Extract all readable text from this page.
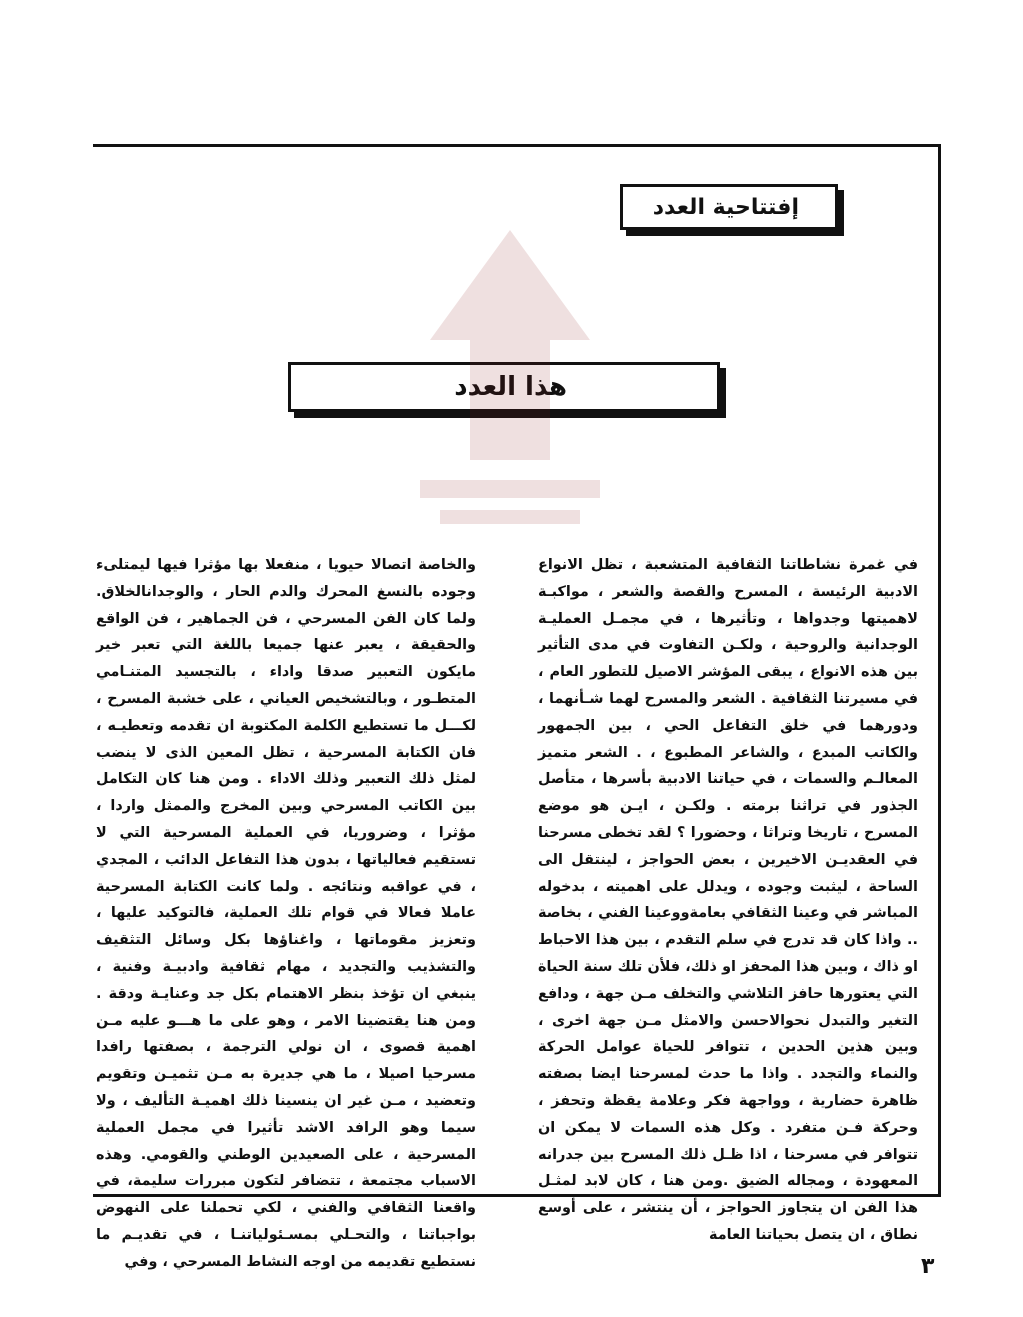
إفتتاحية العدد
هذا العدد
في غمرة نشاطاتنا الثقافية المتشعبة ، تظل الانواع الادبية الرئيسة ، المسرح والقصة والشعر ، مواكبـة لاهميتها وجدواها ، وتأثيرها ، في مجمـل العمليـة الوجدانية والروحية ، ولكـن التفاوت في مدى التأثير بين هذه الانواع ، يبقى المؤشر الاصيل للتطور العام ، في مسيرتنا الثقافية . الشعر والمسرح لهما شـأنهما ، ودورهما في خلق التفاعل الحي ، بين الجمهور والكاتب المبدع ، والشاعر المطبوع ، . الشعر متميز المعالـم والسمات ، في حياتنا الادبية بأسرها ، متأصل الجذور في تراثنا برمته . ولكـن ، ايـن هو موضع المسرح ، تاريخا وتراثا ، وحضورا ؟ لقد تخطى مسرحنا في العقديـن الاخيرين ، بعض الحواجز ، لينتقل الى الساحة ، ليثبت وجوده ، ويدلل على اهميته ، بدخوله المباشر في وعينا الثقافي بعامةووعينا الفني ، بخاصة .. واذا كان قد تدرج في سلم التقدم ، بين هذا الاحباط او ذاك ، وبين هذا المحفز او ذلك، فلأن تلك سنة الحياة التي يعتورها حافز التلاشي والتخلف مـن جهة ، ودافع التغير والتبدل نحوالاحسن والامثل مـن جهة اخرى ، وبين هذين الحدين ، تتوافر للحياة عوامل الحركة والنماء والتجدد . واذا ما حدث لمسرحنا ايضا بصفته ظاهرة حضارية ، وواجهة فكر وعلامة يقظة وتحفز ، وحركة فـن متفرد . وكل هذه السمات لا يمكن ان تتوافر في مسرحنا ، اذا ظـل ذلك المسرح بين جدرانه المعهودة ، ومجاله الضيق .ومن هنا ، كان لابد لمثـل هذا الفن ان يتجاوز الحواجز ، أن ينتشر ، على أوسع نطاق ، ان يتصل بحياتنا العامة
والخاصة اتصالا حيويا ، منفعلا بها مؤثرا فيها ليمتلىء وجوده بالنسغ المحرك والدم الحار ، والوجدانالخلاق. ولما كان الفن المسرحي ، فن الجماهير ، فن الواقع والحقيقة ، يعبر عنها جميعا باللغة التي تعبر خير مايكون التعبير صدقا واداء ، بالتجسيد المتنـامي المتطـور ، وبالتشخيص العياني ، على خشبة المسرح ، لكـــل ما تستطيع الكلمة المكتوبة ان تقدمه وتعطيـه ، فان الكتابة المسرحية ، تظل المعين الذى لا ينضب لمثل ذلك التعبير وذلك الاداء . ومن هنا كان التكامل بين الكاتب المسرحي وبين المخرج والممثل واردا ، مؤثرا ، وضروريا، في العملية المسرحية التي لا تستقيم فعالياتها ، بدون هذا التفاعل الدائب ، المجدي ، في عواقبه ونتائجه . ولما كانت الكتابة المسرحية عاملا فعالا في قوام تلك العملية، فالتوكيد عليها ، وتعزيز مقوماتها ، واغناؤها بكل وسائل التثقيف والتشذيب والتجديد ، مهام ثقافية وادبيـة وفنية ، ينبغي ان تؤخذ بنظر الاهتمام بكل جد وعنايـة ودقة . ومن هنا يقتضينا الامر ، وهو على ما هـــو عليه مـن اهمية قصوى ، ان نولي الترجمة ، بصفتها رافدا مسرحيا اصيلا ، ما هي جديرة به مـن تثميـن وتقويم وتعضيد ، مـن غير ان ينسينا ذلك اهميـة التأليف ، ولا سيما وهو الرافد الاشد تأثيرا في مجمل العملية المسرحية ، على الصعيدين الوطني والقومي. وهذه الاسباب مجتمعة ، تتضافر لتكون مبررات سليمة، في واقعنا الثقافي والفني ، لكي تحملنا على النهوض بواجباتنا ، والتحـلي بمسـئولياتنـا ، في تقديـم ما نستطيع تقديمه من اوجه النشاط المسرحي ، وفي	٣
